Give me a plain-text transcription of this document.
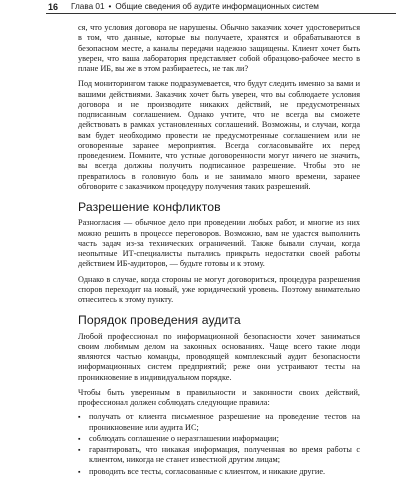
16 Глава 01 • Общие сведения об аудите информационных систем

ся, что условия договора не нарушены. Обычно заказчик хочет удостовериться в том, что данные, которые вы получаете, хранятся и обрабатываются в безопасном месте, а каналы передачи надежно защищены. Клиент хочет быть уверен, что ваша лаборатория представляет собой образцово-рабочее место в плане ИБ, вы же в этом разбираетесь, не так ли?

Под мониторингом также подразумевается, что будут следить именно за вами и вашими действиями. Заказчик хочет быть уверен, что вы соблюдаете условия договора и не производите никаких действий, не предусмотренных подписанным соглашением. Однако учтите, что не всегда вы сможете действовать в рамках установленных соглашений. Возможны, и случаи, когда вам будет необходимо провести не предусмотренные соглашением или не оговоренные заранее мероприятия. Всегда согласовывайте их перед проведением. Помните, что устные договоренности могут ничего не значить, вы всегда должны получить подписанное разрешение. Чтобы это не превратилось в головную боль и не занимало много времени, заранее обговорите с заказчиком процедуру получения таких разрешений.

Разрешение конфликтов

Разногласия — обычное дело при проведении любых работ, и многие из них можно решить в процессе переговоров. Возможно, вам не удастся выполнить часть задач из-за технических ограничений. Также бывали случаи, когда неопытные ИТ-специалисты пытались прикрыть недостатки своей работы действием ИБ-аудиторов, — будьте готовы и к этому.

Однако в случае, когда стороны не могут договориться, процедура разрешения споров переходит на новый, уже юридический уровень. Поэтому внимательно отнеситесь к этому пункту.

Порядок проведения аудита

Любой профессионал по информационной безопасности хочет заниматься своим любимым делом на законных основаниях. Чаще всего такие люди являются частью команды, проводящей комплексный аудит безопасности информационных систем предприятий; реже они устраивают тесты на проникновение в индивидуальном порядке.

Чтобы быть уверенным в правильности и законности своих действий, профессионал должен соблюдать следующие правила:

▪ получать от клиента письменное разрешение на проведение тестов на проникновение или аудита ИС;
▪ соблюдать соглашение о неразглашении информации;
▪ гарантировать, что никакая информация, полученная во время работы с клиентом, никогда не станет известной другим лицам;
▪ проводить все тесты, согласованные с клиентом, и никакие другие.
